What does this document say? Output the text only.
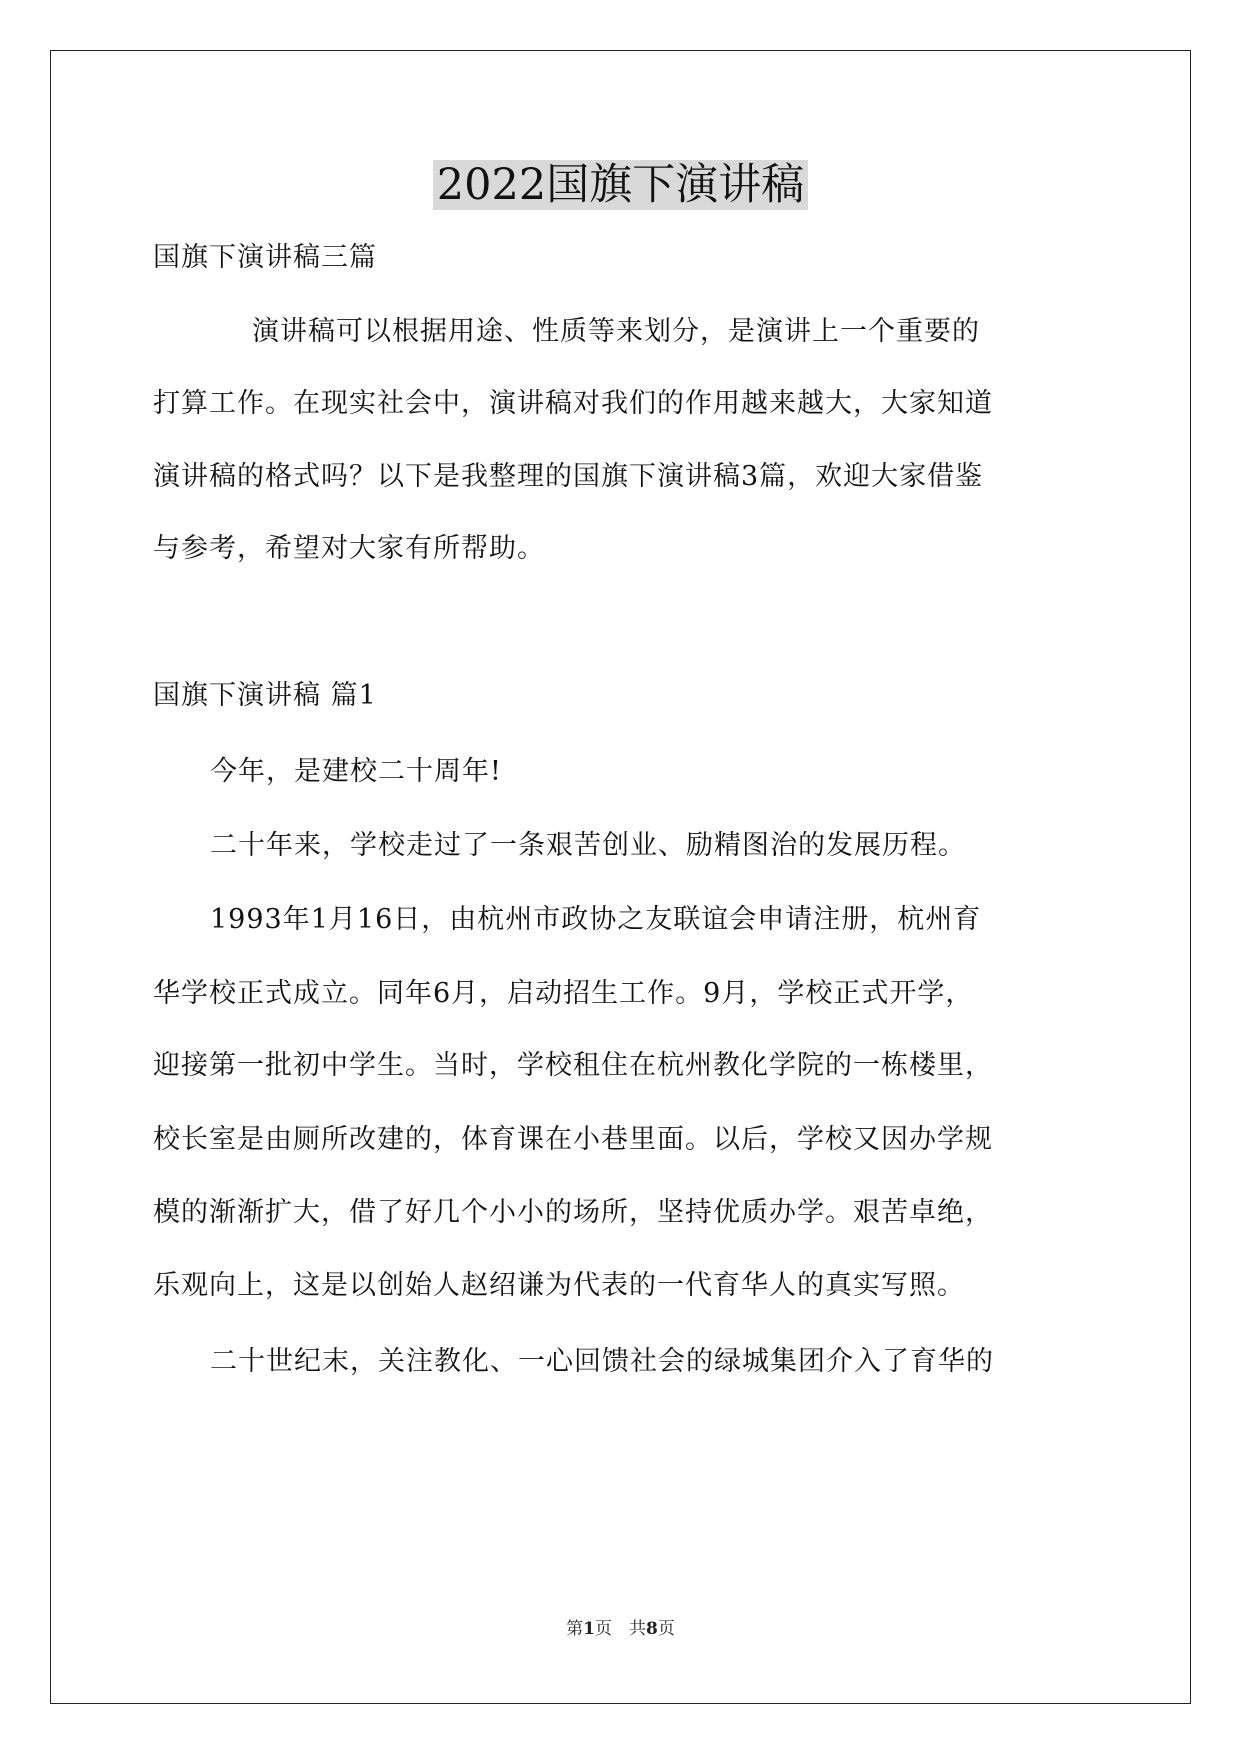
2022国旗下演讲稿
国旗下演讲稿三篇
演讲稿可以根据用途、性质等来划分，是演讲上一个重要的
打算工作。在现实社会中，演讲稿对我们的作用越来越大，大家知道
演讲稿的格式吗？以下是我整理的国旗下演讲稿3篇，欢迎大家借鉴
与参考，希望对大家有所帮助。
国旗下演讲稿 篇1
今年，是建校二十周年!
二十年来，学校走过了一条艰苦创业、励精图治的发展历程。
1993年1月16日，由杭州市政协之友联谊会申请注册，杭州育
华学校正式成立。同年6月，启动招生工作。9月，学校正式开学，
迎接第一批初中学生。当时，学校租住在杭州教化学院的一栋楼里，
校长室是由厕所改建的，体育课在小巷里面。以后，学校又因办学规
模的渐渐扩大，借了好几个小小的场所，坚持优质办学。艰苦卓绝，
乐观向上，这是以创始人赵绍谦为代表的一代育华人的真实写照。
二十世纪末，关注教化、一心回馈社会的绿城集团介入了育华的
第1页　共8页
